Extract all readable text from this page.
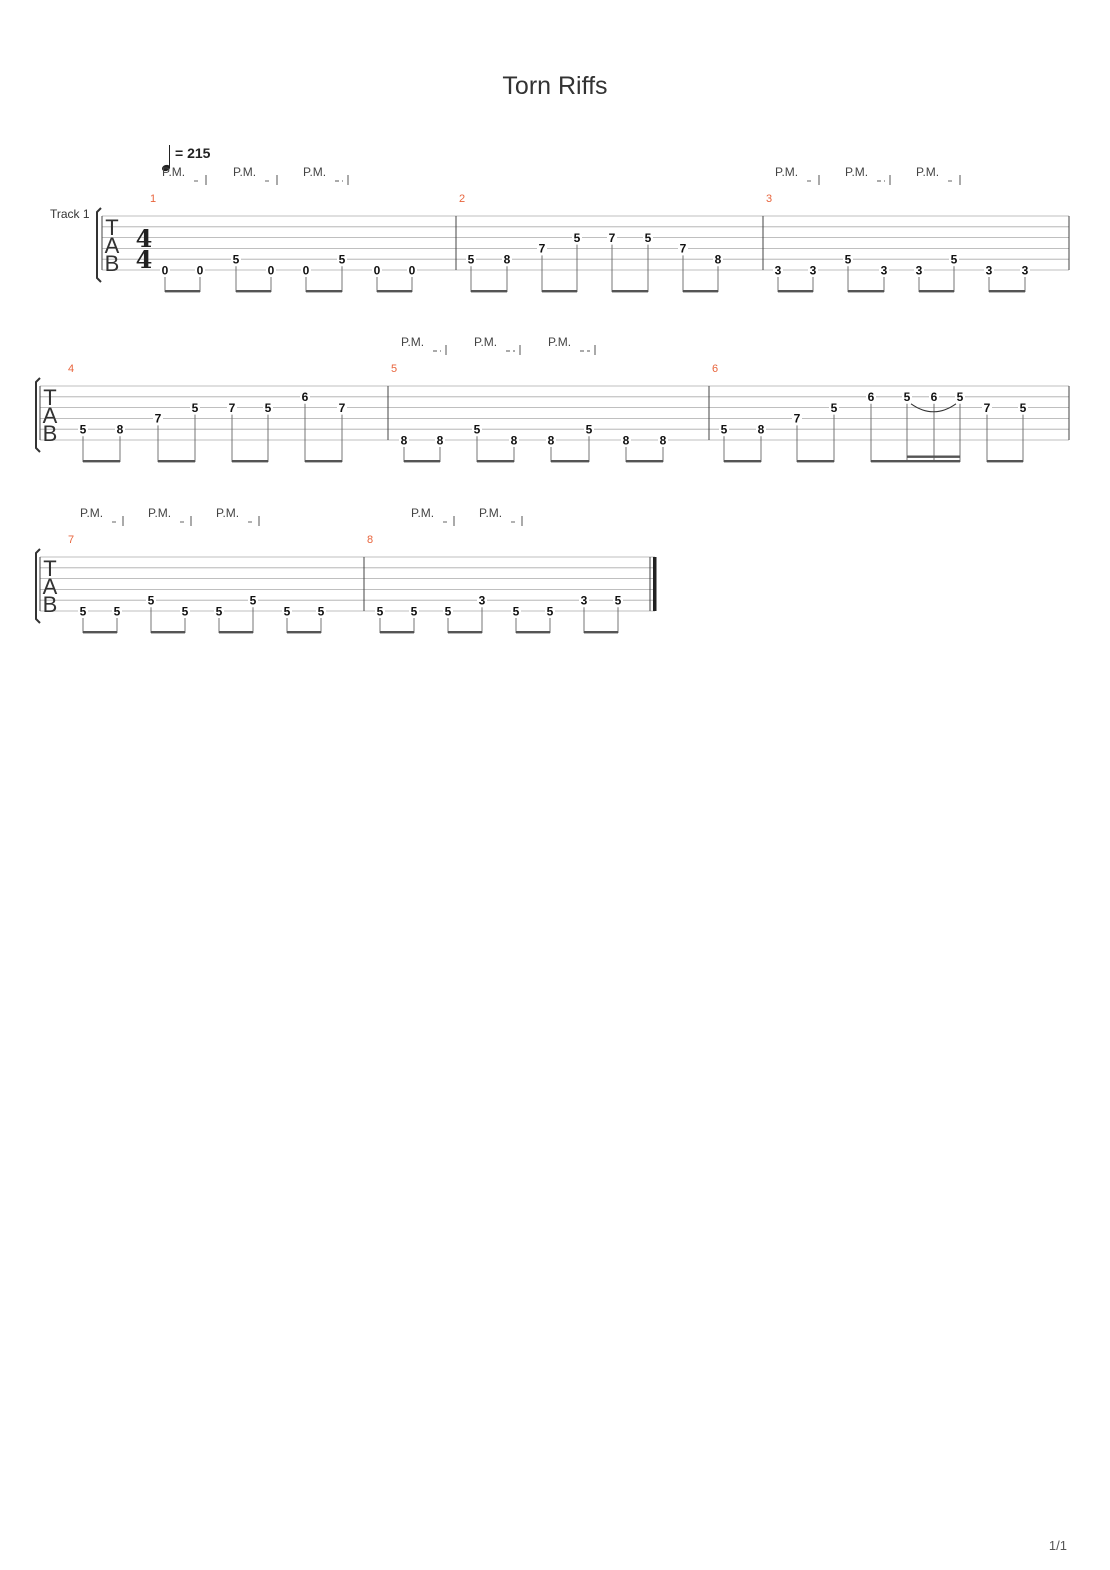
Torn Riffs
T
A
B
Track 1
4
4
= 215
1
0 0
5
0 0
5
0 0
P.M.	P.M.	P.M.
2
5 8
7
5 7 5
7
8
3
3 3
5
3 3
5
3 3
P.M.	P.M.	P.M.
T
A
B
4
5	8
7
5	7 5
6
7
5
8 8
5
8	8
5
8	8
P.M.	P.M.	P.M.
6
5	8
7
5
6 5 6 5
7 5
T
A
B
7
5 5
5
5 5
5
5 5
P.M.	P.M.	P.M.
8
5 5 5
3
5 5
3 5
P.M.	P.M.
1/1
